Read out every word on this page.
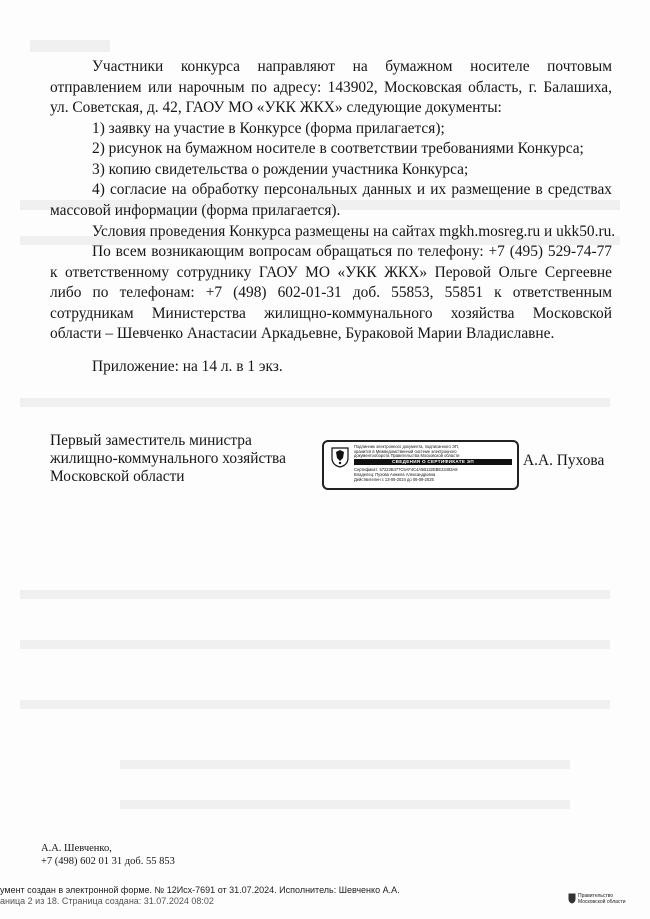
Участники конкурса направляют на бумажном носителе почтовым
отправлением или нарочным по адресу: 143902, Московская область, г. Балашиха,
ул. Советская, д. 42, ГАОУ МО «УКК ЖКХ» следующие документы:
1) заявку на участие в Конкурсе (форма прилагается);
2) рисунок на бумажном носителе в соответствии требованиями Конкурса;
3) копию свидетельства о рождении участника Конкурса;
4) согласие на обработку персональных данных и их размещение в средствах
массовой информации (форма прилагается).
Условия проведения Конкурса размещены на сайтах mgkh.mosreg.ru и ukk50.ru.
По всем возникающим вопросам обращаться по телефону: +7 (495) 529-74-77
к ответственному сотруднику ГАОУ МО «УКК ЖКХ» Перовой Ольге Сергеевне
либо по телефонам: +7 (498) 602-01-31 доб. 55853, 55851 к ответственным
сотрудникам Министерства жилищно-коммунального хозяйства Московской
области – Шевченко Анастасии Аркадьевне, Бураковой Марии Владиславне.
Приложение: на 14 л. в 1 экз.
Первый заместитель министра
жилищно-коммунального хозяйства
Московской области
Подлинник электронного документа, подписанного ЭП,
хранится в Межведомственной системе электронного
документооборота Правительства Московской области
СВЕДЕНИЯ О СЕРТИФИКАТЕ ЭП
Сертификат: 67223B477C5AF4C4A5B132EBE23493A8
Владелец: Пухова Анжела Александровна
Действителен с 13-06-2024 до 06-09-2025
А.А. Пухова
А.А. Шевченко,
+7 (498) 602 01 31 доб. 55 853
умент создан в электронной форме. № 12Исх-7691 от 31.07.2024. Исполнитель: Шевченко А.А.
аница 2 из 18. Страница создана: 31.07.2024 08:02	Правительство
Московской области
